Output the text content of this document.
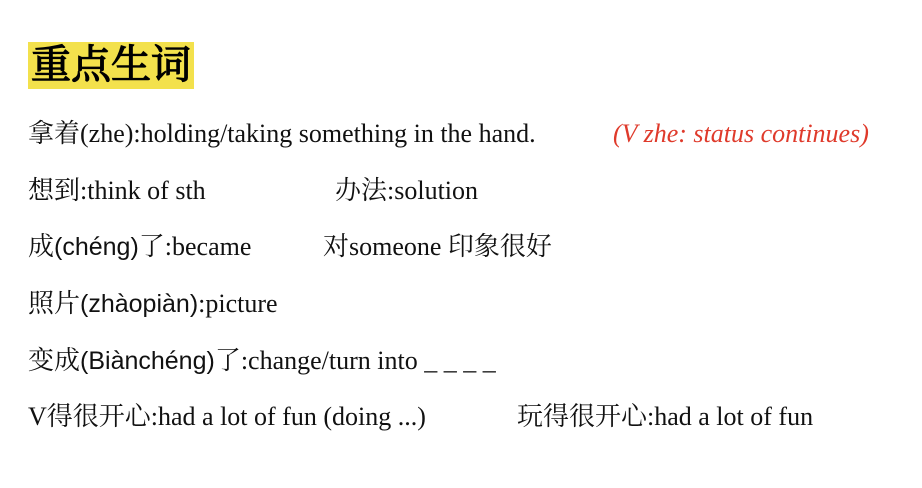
重点生词
拿着(zhe):holding/taking something in the hand.	(V zhe: status continues)
想到:think of sth	办法:solution
成(chéng)了:became	对someone 印象很好
照片(zhàopiàn):picture
变成(Biànchéng)了:change/turn into _ _ _ _
V得很开心:had a lot of fun (doing ...)	玩得很开心:had a lot of fun
